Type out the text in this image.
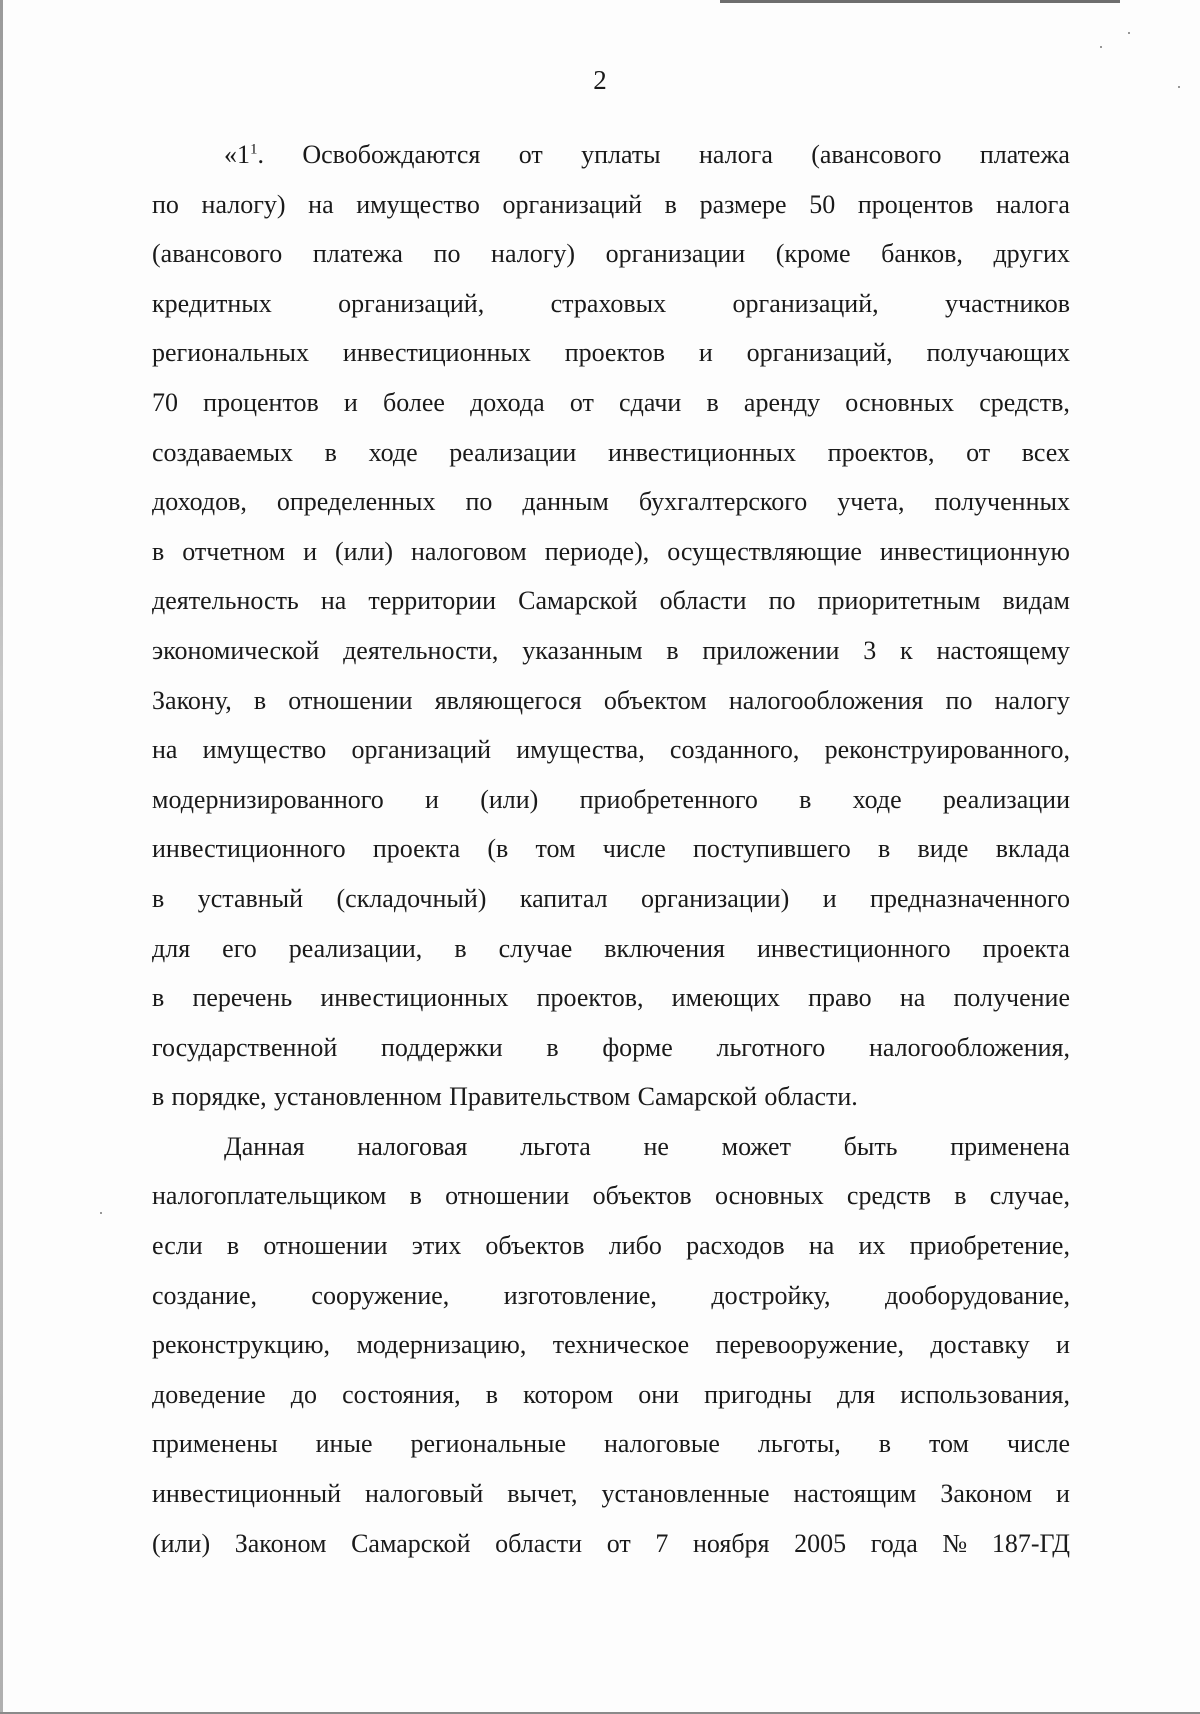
2
«$1^1$. Освобождаются от уплаты налога (авансового платежа
по налогу) на имущество организаций в размере 50 процентов налога
(авансового платежа по налогу) организации (кроме банков, других
кредитных	организаций,	страховых	организаций,	участников
региональных инвестиционных проектов и организаций, получающих
70 процентов и более дохода от сдачи в аренду основных средств,
создаваемых в ходе реализации инвестиционных проектов, от всех
доходов, определенных по данным бухгалтерского учета, полученных
в отчетном и (или) налоговом периоде), осуществляющие инвестиционную
деятельность на территории Самарской области по приоритетным видам
экономической деятельности, указанным в приложении 3 к настоящему
Закону, в отношении являющегося объектом налогообложения по налогу
на имущество организаций имущества, созданного, реконструированного,
модернизированного и (или) приобретенного в ходе реализации
инвестиционного проекта (в том числе поступившего в виде вклада
в уставный (складочный) капитал организации) и предназначенного
для его реализации, в случае включения инвестиционного проекта
в перечень инвестиционных проектов, имеющих право на получение
государственной поддержки в форме льготного налогообложения,
в порядке, установленном Правительством Самарской области.
Данная налоговая льгота не может быть применена
налогоплательщиком в отношении объектов основных средств в случае,
если в отношении этих объектов либо расходов на их приобретение,
создание, сооружение, изготовление, достройку, дооборудование,
реконструкцию, модернизацию, техническое перевооружение, доставку и
доведение до состояния, в котором они пригодны для использования,
применены иные региональные налоговые льготы, в том числе
инвестиционный налоговый вычет, установленные настоящим Законом и
(или) Законом Самарской области от 7 ноября 2005 года № 187-ГД
